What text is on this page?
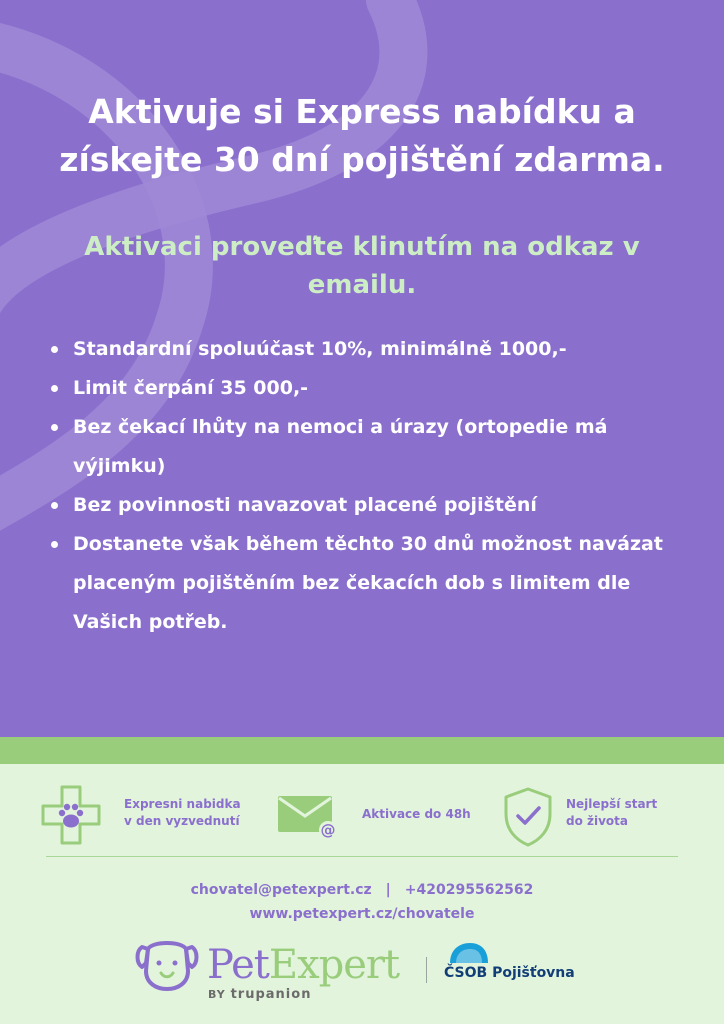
Aktivuje si Express nabídku a
získejte 30 dní pojištění zdarma.
Aktivaci proveďte klinutím na odkaz v emailu.
Standardní spoluúčast 10%, minimálně 1000,-
Limit čerpání 35 000,-
Bez čekací lhůty na nemoci a úrazy (ortopedie má výjimku)
Bez povinnosti navazovat placené pojištění
Dostanete však během těchto 30 dnů možnost navázat placeným pojištěním bez čekacích dob s limitem dle Vašich potřeb.
Expresni nabidka
v den vyzvednutí	@
Aktivace do 48h
Nejlepší start
do života
chovatel@petexpert.cz | +420295562562
www.petexpert.cz/chovatele
PetExpert
BY trupanion
ČSOB Pojišťovna
